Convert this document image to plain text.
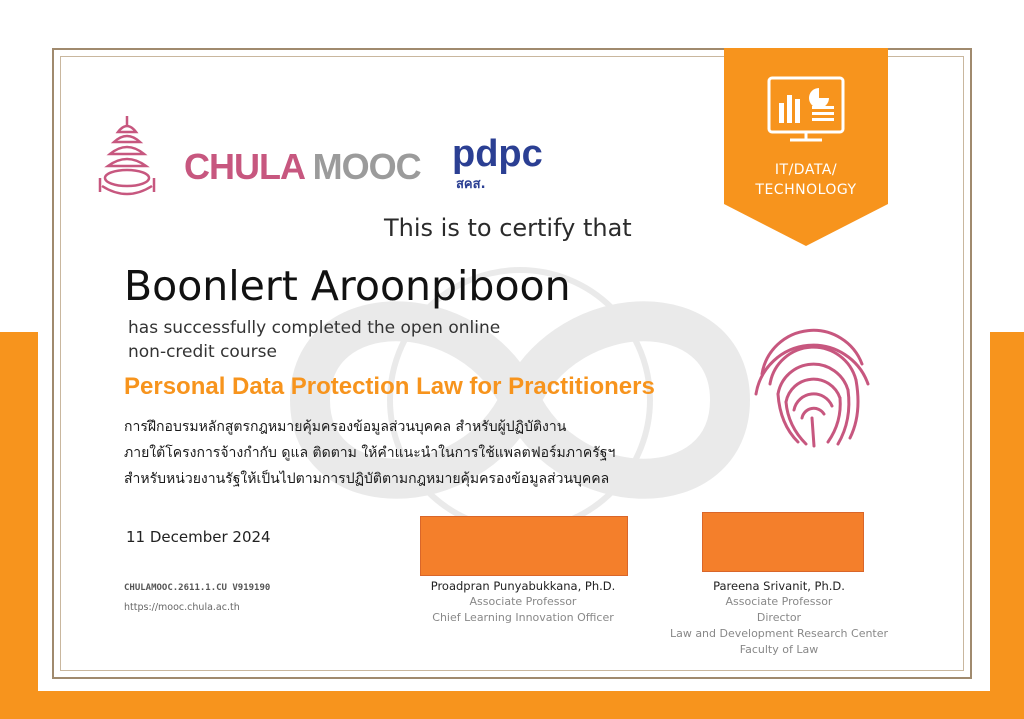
IT/DATA/
TECHNOLOGY
CHULA MOOC pdpc
สคส.
This is to certify that
Boonlert Aroonpiboon
has successfully completed the open online
non-credit course
Personal Data Protection Law for Practitioners
การฝึกอบรมหลักสูตรกฎหมายคุ้มครองข้อมูลส่วนบุคคล สำหรับผู้ปฏิบัติงาน
ภายใต้โครงการจ้างกำกับ ดูแล ติดตาม ให้คำแนะนำในการใช้แพลตฟอร์มภาครัฐฯ
สำหรับหน่วยงานรัฐให้เป็นไปตามการปฏิบัติตามกฎหมายคุ้มครองข้อมูลส่วนบุคคล
11 December 2024
CHULAMOOC.2611.1.CU V919190
https://mooc.chula.ac.th
Proadpran Punyabukkana, Ph.D.
Associate Professor
Chief Learning Innovation Officer
Pareena Srivanit, Ph.D.
Associate Professor
Director
Law and Development Research Center
Faculty of Law
